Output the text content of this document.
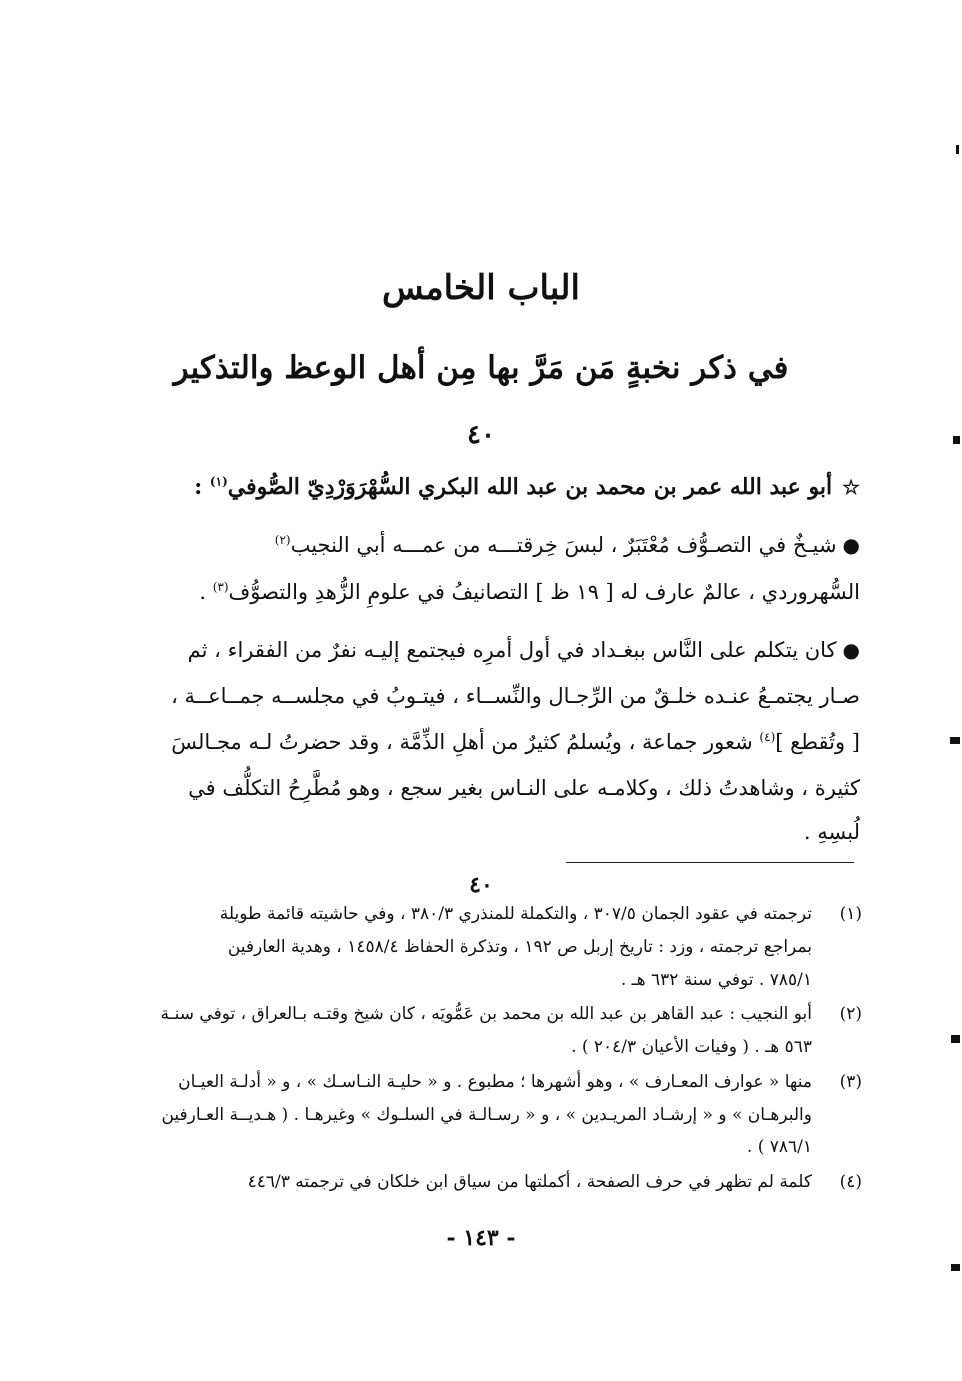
الباب الخامس
في ذكر نخبةٍ مَن مَرَّ بها مِن أهل الوعظ والتذكير
٤٠
☆أبو عبد الله عمر بن محمد بن عبد الله البكري السُّهْرَوَرْدِيّ الصُّوفي$^{(١)}$ :
●شيـخٌ في التصـوُّف مُعْتَبَرٌ ، لبسَ خِرقتـــه من عمـــه أبي النجيب$^{(٢)}$
السُّهروردي ، عالمٌ عارف له [ ١٩ ظ ] التصانيفُ في علومِ الزُّهدِ والتصوُّف$^{(٣)}$ .
●كان يتكلم على النَّاس ببغـداد في أول أمرِه فيجتمع إليـه نفرٌ من الفقراء ، ثم
صـار يجتمـعُ عنـده خلـقٌ من الرِّجـال والنِّســاء ، فيتـوبُ في مجلســه جمــاعــة ،
[ وتُقطع ]$^{(٤)}$ شعور جماعة ، ويُسلمُ كثيرٌ من أهلِ الذِّمَّة ، وقد حضرتُ لـه مجـالسَ
كثيرة ، وشاهدتُ ذلك ، وكلامـه على النـاس بغير سجع ، وهو مُطَّرِحُ التكلُّف في
لُبسِهِ .
٤٠
(١)
ترجمته في عقود الجمان ٣٠٧/٥ ، والتكملة للمنذري ٣٨٠/٣ ، وفي حاشيته قائمة طويلة
بمراجع ترجمته ، وزد : تاريخ إربل ص ١٩٢ ، وتذكرة الحفاظ ١٤٥٨/٤ ، وهدية العارفين
٧٨٥/١ . توفي سنة ٦٣٢ هـ .
(٢)
أبو النجيب : عبد القاهر بن عبد الله بن محمد بن عَمُّويَه ، كان شيخ وقتـه بـالعراق ، توفي سنـة
٥٦٣ هـ . ( وفيات الأعيان ٢٠٤/٣ ) .
(٣)
منها « عوارف المعـارف » ، وهو أشهرها ؛ مطبوع . و « حليـة النـاسـك » ، و « أدلـة العيـان
والبرهـان » و « إرشـاد المريـدين » ، و « رسـالـة في السلـوك » وغيرهـا . ( هـديــة العـارفين
٧٨٦/١ ) .
(٤)
كلمة لم تظهر في حرف الصفحة ، أكملتها من سياق ابن خلكان في ترجمته ٤٤٦/٣
- ١٤٣ -
